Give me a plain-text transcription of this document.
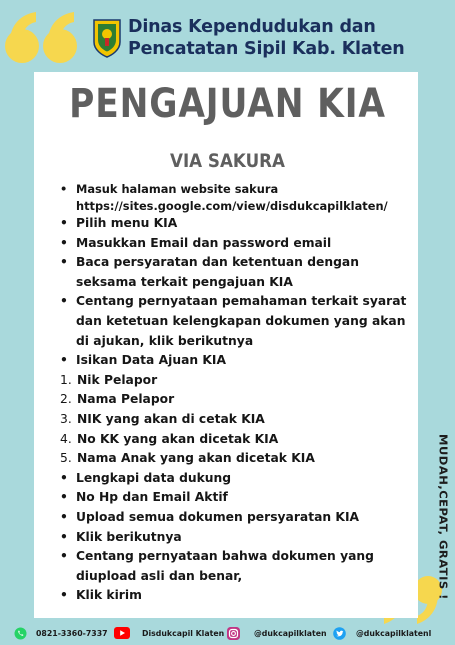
Dinas Kependudukan dan Pencatatan Sipil Kab. Klaten
PENGAJUAN KIA
VIA SAKURA
• Masuk halaman website sakura
https://sites.google.com/view/disdukcapilklaten/
• Pilih menu KIA
• Masukkan Email dan password email
• Baca persyaratan dan ketentuan dengan
seksama terkait pengajuan KIA
• Centang pernyataan pemahaman terkait syarat
dan ketetuan kelengkapan dokumen yang akan
di ajukan, klik berikutnya
• Isikan Data Ajuan KIA
1. Nik Pelapor
2. Nama Pelapor
3. NIK yang akan di cetak KIA
4. No KK yang akan dicetak KIA
5. Nama Anak yang akan dicetak KIA
• Lengkapi data dukung
• No Hp dan Email Aktif
• Upload semua dokumen persyaratan KIA
• Klik berikutnya
• Centang pernyataan bahwa dokumen yang
diupload asli dan benar,
• Klik kirim	MUDAH,CEPAT, GRATIS !
0821-3360-7337	Disdukcapil Klaten	@dukcapilklaten	@dukcapilklatenl
